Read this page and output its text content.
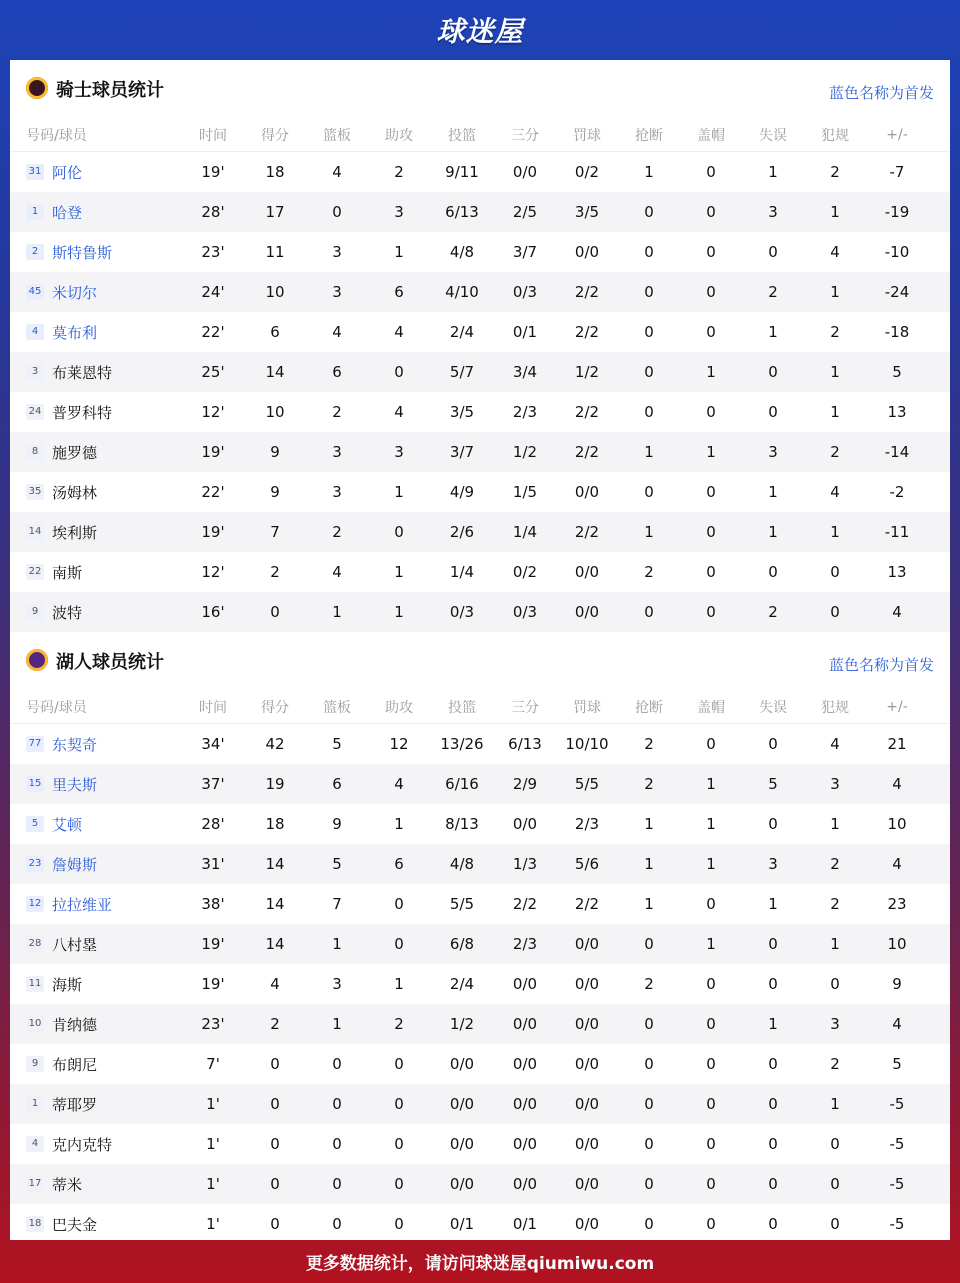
球迷屋
骑士球员统计	蓝色名称为首发
号码/球员	时间	得分	篮板	助攻	投篮	三分	罚球	抢断	盖帽	失误	犯规	+/-
31 阿伦	19'	18	4	2	9/11	0/0	0/2	1	0	1	2	-7
1 哈登	28'	17	0	3	6/13	2/5	3/5	0	0	3	1	-19
2 斯特鲁斯	23'	11	3	1	4/8	3/7	0/0	0	0	0	4	-10
45 米切尔	24'	10	3	6	4/10	0/3	2/2	0	0	2	1	-24
4 莫布利	22'	6	4	4	2/4	0/1	2/2	0	0	1	2	-18
3 布莱恩特	25'	14	6	0	5/7	3/4	1/2	0	1	0	1	5
24 普罗科特	12'	10	2	4	3/5	2/3	2/2	0	0	0	1	13
8 施罗德	19'	9	3	3	3/7	1/2	2/2	1	1	3	2	-14
35 汤姆林	22'	9	3	1	4/9	1/5	0/0	0	0	1	4	-2
14 埃利斯	19'	7	2	0	2/6	1/4	2/2	1	0	1	1	-11
22 南斯	12'	2	4	1	1/4	0/2	0/0	2	0	0	0	13
9 波特	16'	0	1	1	0/3	0/3	0/0	0	0	2	0	4
湖人球员统计	蓝色名称为首发
号码/球员	时间	得分	篮板	助攻	投篮	三分	罚球	抢断	盖帽	失误	犯规	+/-
77 东契奇	34'	42	5	12	13/26	6/13	10/10	2	0	0	4	21
15 里夫斯	37'	19	6	4	6/16	2/9	5/5	2	1	5	3	4
5 艾顿	28'	18	9	1	8/13	0/0	2/3	1	1	0	1	10
23 詹姆斯	31'	14	5	6	4/8	1/3	5/6	1	1	3	2	4
12 拉拉维亚	38'	14	7	0	5/5	2/2	2/2	1	0	1	2	23
28 八村塁	19'	14	1	0	6/8	2/3	0/0	0	1	0	1	10
11 海斯	19'	4	3	1	2/4	0/0	0/0	2	0	0	0	9
10 肯纳德	23'	2	1	2	1/2	0/0	0/0	0	0	1	3	4
9 布朗尼	7'	0	0	0	0/0	0/0	0/0	0	0	0	2	5
1 蒂耶罗	1'	0	0	0	0/0	0/0	0/0	0	0	0	1	-5
4 克内克特	1'	0	0	0	0/0	0/0	0/0	0	0	0	0	-5
17 蒂米	1'	0	0	0	0/0	0/0	0/0	0	0	0	0	-5
18 巴夫金	1'	0	0	0	0/1	0/1	0/0	0	0	0	0	-5
更多数据统计，请访问球迷屋qiumiwu.com
